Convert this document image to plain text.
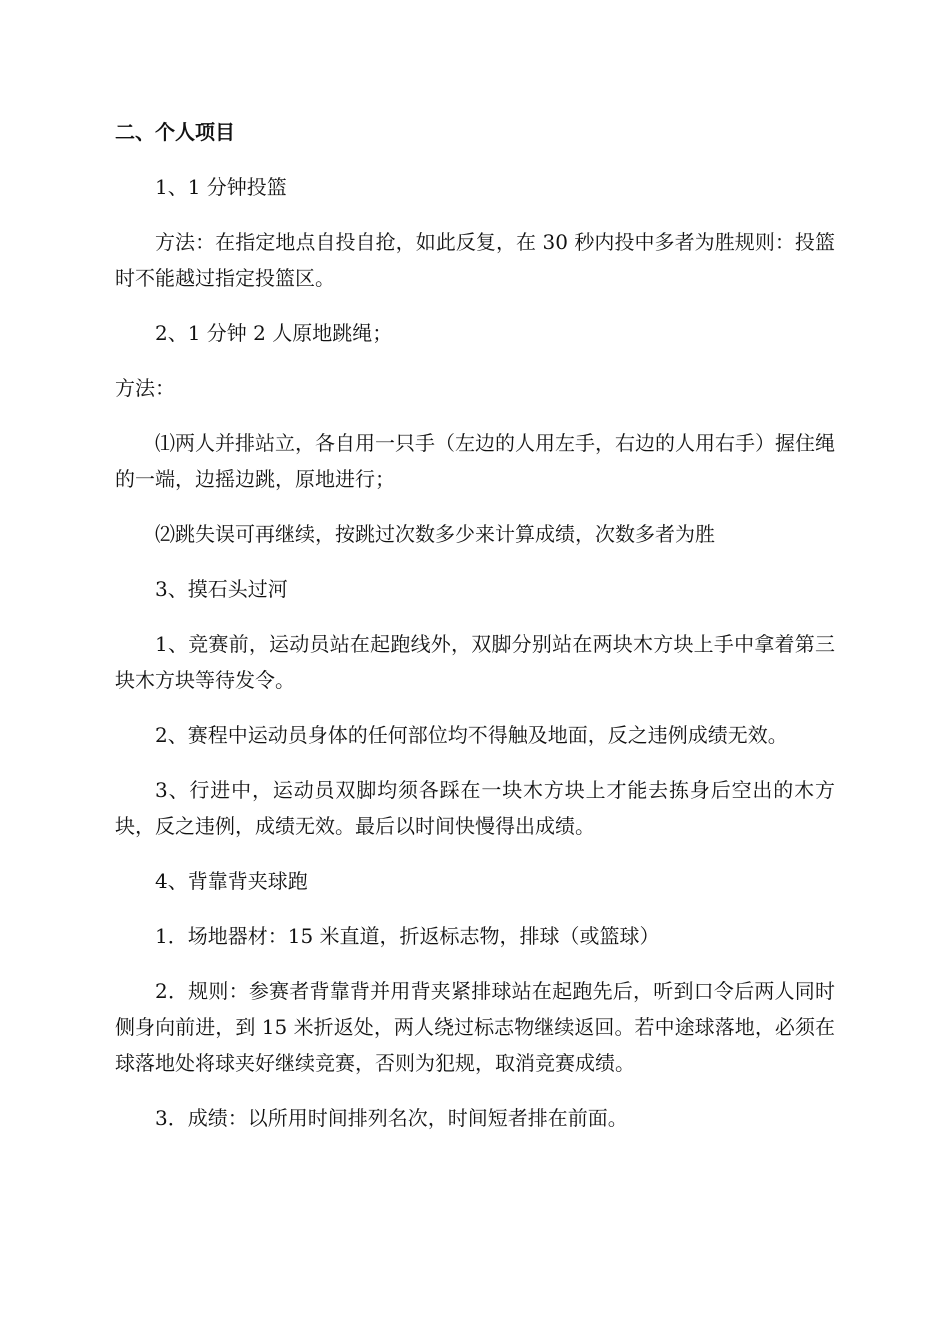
二、个人项目
1、1 分钟投篮
方法：在指定地点自投自抢，如此反复，在 30 秒内投中多者为胜规则：投篮时不能越过指定投篮区。
2、1 分钟 2 人原地跳绳；
方法：
⑴两人并排站立，各自用一只手（左边的人用左手，右边的人用右手）握住绳的一端，边摇边跳，原地进行；
⑵跳失误可再继续，按跳过次数多少来计算成绩，次数多者为胜
3、摸石头过河
1、竞赛前，运动员站在起跑线外，双脚分别站在两块木方块上手中拿着第三块木方块等待发令。
2、赛程中运动员身体的任何部位均不得触及地面，反之违例成绩无效。
3、行进中，运动员双脚均须各踩在一块木方块上才能去拣身后空出的木方块，反之违例，成绩无效。最后以时间快慢得出成绩。
4、背靠背夹球跑
1．场地器材：15 米直道，折返标志物，排球（或篮球）
2．规则：参赛者背靠背并用背夹紧排球站在起跑先后，听到口令后两人同时侧身向前进，到 15 米折返处，两人绕过标志物继续返回。若中途球落地，必须在球落地处将球夹好继续竞赛，否则为犯规，取消竞赛成绩。
3．成绩：以所用时间排列名次，时间短者排在前面。
